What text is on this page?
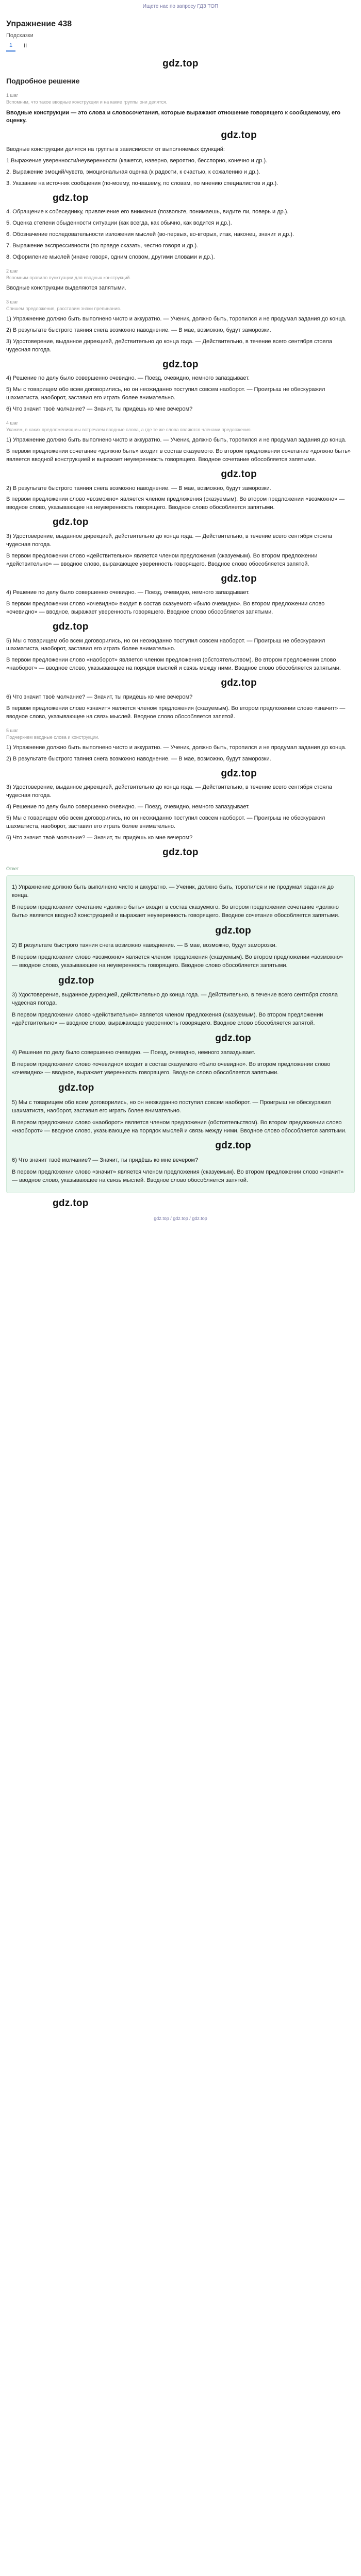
Ищете нас по запросу ГДЗ ТОП
Упражнение 438
Подсказки
1	II
gdz.top
Подробное решение
1 шаг
Вспомним, что такое вводные конструкции и на какие группы они делятся.

Вводные конструкции — это слова и словосочетания, которые выражают отношение говорящего к сообщаемому, его оценку.

gdz.top

Вводные конструкции делятся на группы в зависимости от выполняемых функций:

1.Выражение уверенности/неуверенности (кажется, наверно, вероятно, бесспорно, конечно и др.).

2. Выражение эмоций/чувств, эмоциональная оценка (к радости, к счастью, к сожалению и др.).

3. Указание на источник сообщения (по-моему, по-вашему, по словам, по мнению специалистов и др.).

gdz.top

4. Обращение к собеседнику, привлечение его внимания (позвольте, понимаешь, видите ли, поверь и др.).

5. Оценка степени обыденности ситуации (как всегда, как обычно, как водится и др.).

6. Обозначение последовательности изложения мыслей (во-первых, во-вторых, итак, наконец, значит и др.).

7. Выражение экспрессивности (по правде сказать, честно говоря и др.).

8. Оформление мыслей (иначе говоря, одним словом, другими словами и др.).

2 шаг
Вспомним правило пунктуации для вводных конструкций.

Вводные конструкции выделяются запятыми.

3 шаг
Спишем предложения, расставим знаки препинания.

1) Упражнение должно быть выполнено чисто и аккуратно. — Ученик, должно быть, торопился и не продумал задания до конца.

2) В результате быстрого таяния снега возможно наводнение. — В мае, возможно, будут заморозки.

3) Удостоверение, выданное дирекцией, действительно до конца года. — Действительно, в течение всего сентября стояла чудесная погода.

gdz.top

4) Решение по делу было совершенно очевидно. — Поезд, очевидно, немного запаздывает.

5) Мы с товарищем обо всем договорились, но он неожиданно поступил совсем наоборот. — Проигрыш не обескуражил шахматиста, наоборот, заставил его играть более внимательно.

6) Что значит твоё молчание? — Значит, ты придёшь ко мне вечером?

4 шаг
Укажем, в каких предложениях мы встречаем вводные слова, а где те же слова являются членами предложения.

1) Упражнение должно быть выполнено чисто и аккуратно. — Ученик, должно быть, торопился и не продумал задания до конца.

В первом предложении сочетание «должно быть» входит в состав сказуемого. Во втором предложении сочетание «должно быть» является вводной конструкцией и выражает неуверенность говорящего. Вводное сочетание обособляется запятыми.

gdz.top

2) В результате быстрого таяния снега возможно наводнение. — В мае, возможно, будут заморозки.

В первом предложении слово «возможно» является членом предложения (сказуемым). Во втором предложении «возможно» — вводное слово, указывающее на неуверенность говорящего. Вводное слово обособляется запятыми.

gdz.top

3) Удостоверение, выданное дирекцией, действительно до конца года. — Действительно, в течение всего сентября стояла чудесная погода.

В первом предложении слово «действительно» является членом предложения (сказуемым). Во втором предложении «действительно» — вводное слово, выражающее уверенность говорящего. Вводное слово обособляется запятой.

gdz.top

4) Решение по делу было совершенно очевидно. — Поезд, очевидно, немного запаздывает.

В первом предложении слово «очевидно» входит в состав сказуемого «было очевидно». Во втором предложении слово «очевидно» — вводное, выражает уверенность говорящего. Вводное слово обособляется запятыми.

gdz.top

5) Мы с товарищем обо всем договорились, но он неожиданно поступил совсем наоборот. — Проигрыш не обескуражил шахматиста, наоборот, заставил его играть более внимательно.

В первом предложении слово «наоборот» является членом предложения (обстоятельством). Во втором предложении слово «наоборот» — вводное слово, указывающее на порядок мыслей и связь между ними. Вводное слово обособляется запятыми.

gdz.top

6) Что значит твоё молчание? — Значит, ты придёшь ко мне вечером?

В первом предложении слово «значит» является членом предложения (сказуемым). Во втором предложении слово «значит» — вводное слово, указывающее на связь мыслей. Вводное слово обособляется запятой.

5 шаг
Подчеркнем вводные слова и конструкции.

1) Упражнение должно быть выполнено чисто и аккуратно. — Ученик, должно быть, торопился и не продумал задания до конца.

2) В результате быстрого таяния снега возможно наводнение. — В мае, возможно, будут заморозки.

gdz.top

3) Удостоверение, выданное дирекцией, действительно до конца года. — Действительно, в течение всего сентября стояла чудесная погода.

4) Решение по делу было совершенно очевидно. — Поезд, очевидно, немного запаздывает.

5) Мы с товарищем обо всем договорились, но он неожиданно поступил совсем наоборот. — Проигрыш не обескуражил шахматиста, наоборот, заставил его играть более внимательно.

6) Что значит твоё молчание? — Значит, ты придёшь ко мне вечером?

gdz.top
Ответ

1) Упражнение должно быть выполнено чисто и аккуратно. — Ученик, должно быть, торопился и не продумал задания до конца.

В первом предложении сочетание «должно быть» входит в состав сказуемого. Во втором предложении сочетание «должно быть» является вводной конструкцией и выражает неуверенность говорящего. Вводное сочетание обособляется запятыми.

gdz.top

2) В результате быстрого таяния снега возможно наводнение. — В мае, возможно, будут заморозки.

В первом предложении слово «возможно» является членом предложения (сказуемым). Во втором предложении «возможно» — вводное слово, указывающее на неуверенность говорящего. Вводное слово обособляется запятыми.

gdz.top

3) Удостоверение, выданное дирекцией, действительно до конца года. — Действительно, в течение всего сентября стояла чудесная погода.

В первом предложении слово «действительно» является членом предложения (сказуемым). Во втором предложении «действительно» — вводное слово, выражающее уверенность говорящего. Вводное слово обособляется запятой.

gdz.top

4) Решение по делу было совершенно очевидно. — Поезд, очевидно, немного запаздывает.

В первом предложении слово «очевидно» входит в состав сказуемого «было очевидно». Во втором предложении слово «очевидно» — вводное, выражает уверенность говорящего. Вводное слово обособляется запятыми.

gdz.top

5) Мы с товарищем обо всем договорились, но он неожиданно поступил совсем наоборот. — Проигрыш не обескуражил шахматиста, наоборот, заставил его играть более внимательно.

В первом предложении слово «наоборот» является членом предложения (обстоятельством). Во втором предложении слово «наоборот» — вводное слово, указывающее на порядок мыслей и связь между ними. Вводное слово обособляется запятыми.

gdz.top

6) Что значит твоё молчание? — Значит, ты придёшь ко мне вечером?

В первом предложении слово «значит» является членом предложения (сказуемым). Во втором предложении слово «значит» — вводное слово, указывающее на связь мыслей. Вводное слово обособляется запятой.

gdz.top
gdz.top / gdz.top / gdz.top
